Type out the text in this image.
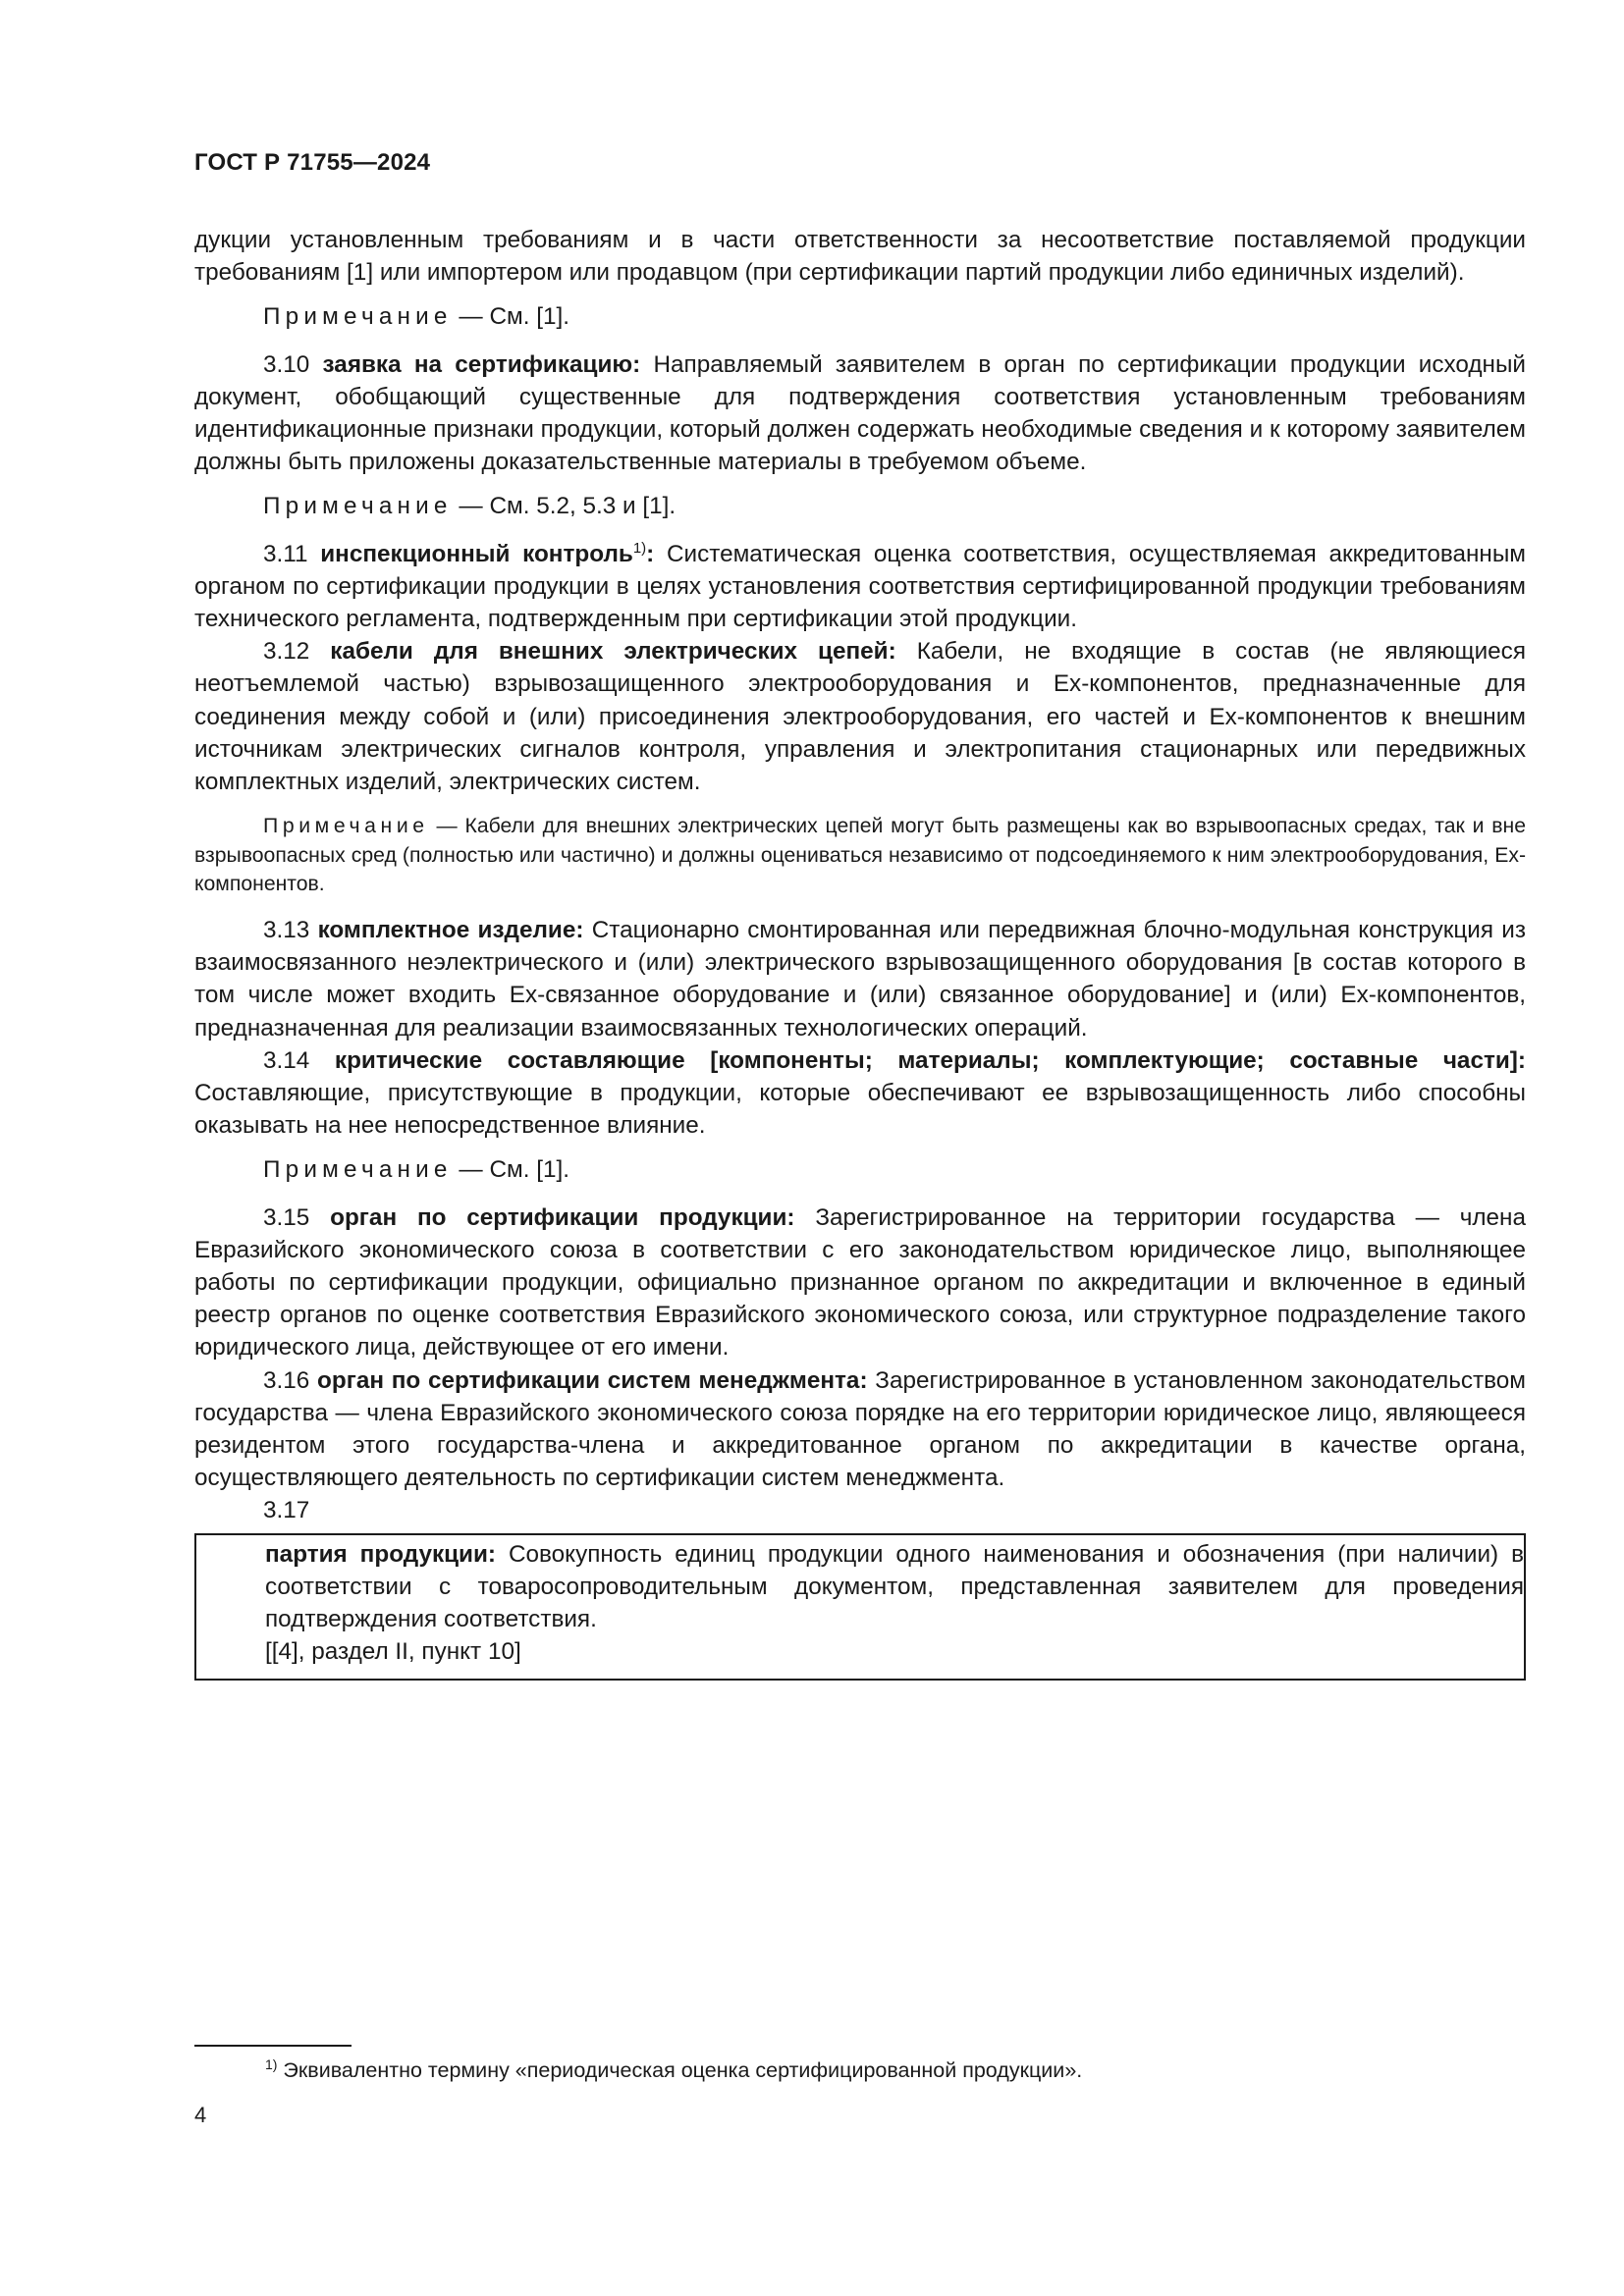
ГОСТ Р 71755—2024

дукции установленным требованиям и в части ответственности за несоответствие поставляемой продукции требованиям [1] или импортером или продавцом (при сертификации партий продукции либо единичных изделий).

Примечание — См. [1].

3.10 заявка на сертификацию: Направляемый заявителем в орган по сертификации продукции исходный документ, обобщающий существенные для подтверждения соответствия установленным требованиям идентификационные признаки продукции, который должен содержать необходимые сведения и к которому заявителем должны быть приложены доказательственные материалы в требуемом объеме.

Примечание — См. 5.2, 5.3 и [1].

3.11 инспекционный контроль$^{1)}$: Систематическая оценка соответствия, осуществляемая аккредитованным органом по сертификации продукции в целях установления соответствия сертифицированной продукции требованиям технического регламента, подтвержденным при сертификации этой продукции.

3.12 кабели для внешних электрических цепей: Кабели, не входящие в состав (не являющиеся неотъемлемой частью) взрывозащищенного электрооборудования и Ex-компонентов, предназначенные для соединения между собой и (или) присоединения электрооборудования, его частей и Ex-компонентов к внешним источникам электрических сигналов контроля, управления и электропитания стационарных или передвижных комплектных изделий, электрических систем.

Примечание — Кабели для внешних электрических цепей могут быть размещены как во взрывоопасных средах, так и вне взрывоопасных сред (полностью или частично) и должны оцениваться независимо от подсоединяемого к ним электрооборудования, Ex-компонентов.

3.13 комплектное изделие: Стационарно смонтированная или передвижная блочно-модульная конструкция из взаимосвязанного неэлектрического и (или) электрического взрывозащищенного оборудования [в состав которого в том числе может входить Ex-связанное оборудование и (или) связанное оборудование] и (или) Ex-компонентов, предназначенная для реализации взаимосвязанных технологических операций.

3.14 критические составляющие [компоненты; материалы; комплектующие; составные части]: Составляющие, присутствующие в продукции, которые обеспечивают ее взрывозащищенность либо способны оказывать на нее непосредственное влияние.

Примечание — См. [1].

3.15 орган по сертификации продукции: Зарегистрированное на территории государства — члена Евразийского экономического союза в соответствии с его законодательством юридическое лицо, выполняющее работы по сертификации продукции, официально признанное органом по аккредитации и включенное в единый реестр органов по оценке соответствия Евразийского экономического союза, или структурное подразделение такого юридического лица, действующее от его имени.

3.16 орган по сертификации систем менеджмента: Зарегистрированное в установленном законодательством государства — члена Евразийского экономического союза порядке на его территории юридическое лицо, являющееся резидентом этого государства-члена и аккредитованное органом по аккредитации в качестве органа, осуществляющего деятельность по сертификации систем менеджмента.

3.17

партия продукции: Совокупность единиц продукции одного наименования и обозначения (при наличии) в соответствии с товаросопроводительным документом, представленная заявителем для проведения подтверждения соответствия.

[[4], раздел II, пункт 10]

$^{1)}$ Эквивалентно термину «периодическая оценка сертифицированной продукции».
4
